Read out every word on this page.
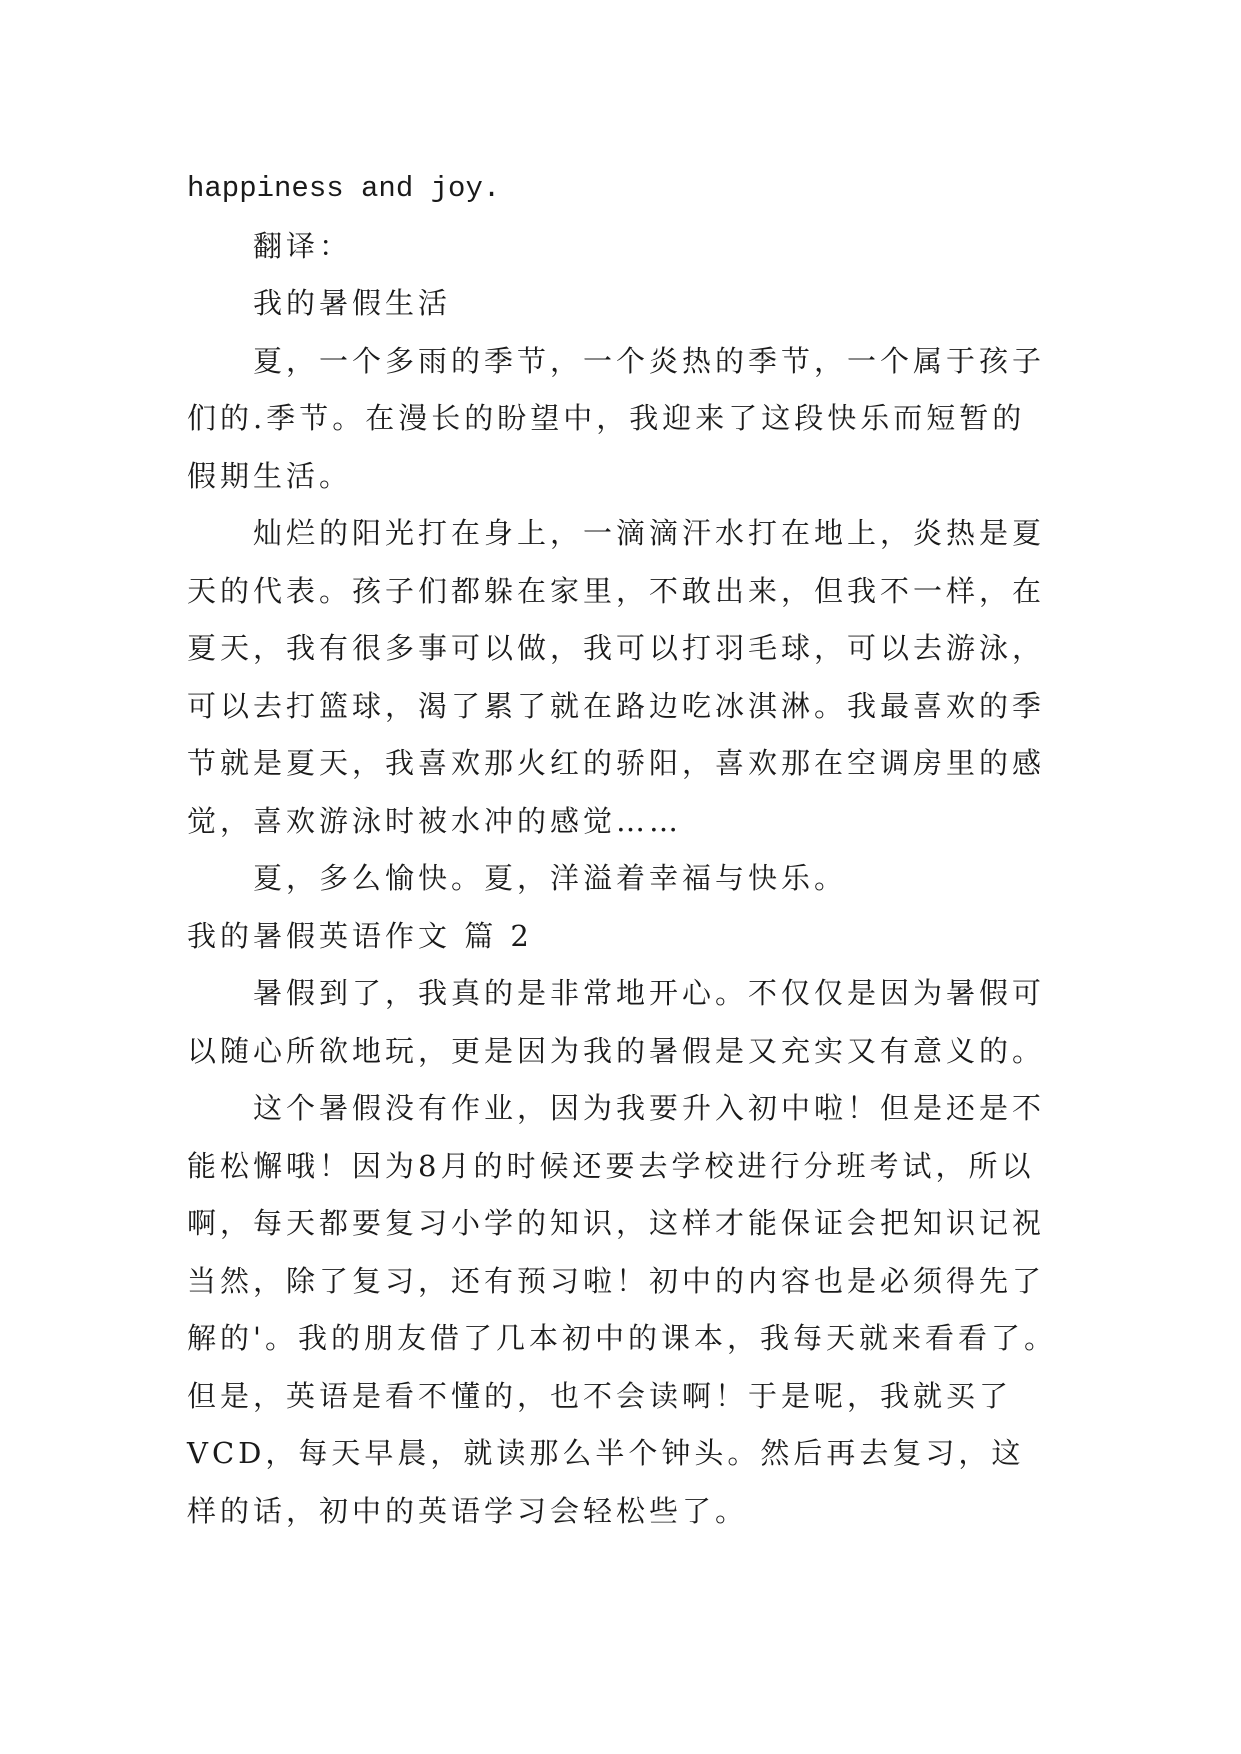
happiness and joy.

翻译：

我的暑假生活

夏，一个多雨的季节，一个炎热的季节，一个属于孩子们的.季节。在漫长的盼望中，我迎来了这段快乐而短暂的假期生活。

灿烂的阳光打在身上，一滴滴汗水打在地上，炎热是夏天的代表。孩子们都躲在家里，不敢出来，但我不一样，在夏天，我有很多事可以做，我可以打羽毛球，可以去游泳，可以去打篮球，渴了累了就在路边吃冰淇淋。我最喜欢的季节就是夏天，我喜欢那火红的骄阳，喜欢那在空调房里的感觉，喜欢游泳时被水冲的感觉……

夏，多么愉快。夏，洋溢着幸福与快乐。

我的暑假英语作文 篇 2

暑假到了，我真的是非常地开心。不仅仅是因为暑假可以随心所欲地玩，更是因为我的暑假是又充实又有意义的。

这个暑假没有作业，因为我要升入初中啦！但是还是不能松懈哦！因为8月的时候还要去学校进行分班考试，所以啊，每天都要复习小学的知识，这样才能保证会把知识记祝当然，除了复习，还有预习啦！初中的内容也是必须得先了解的'。我的朋友借了几本初中的课本，我每天就来看看了。但是，英语是看不懂的，也不会读啊！于是呢，我就买了VCD，每天早晨，就读那么半个钟头。然后再去复习，这样的话，初中的英语学习会轻松些了。
